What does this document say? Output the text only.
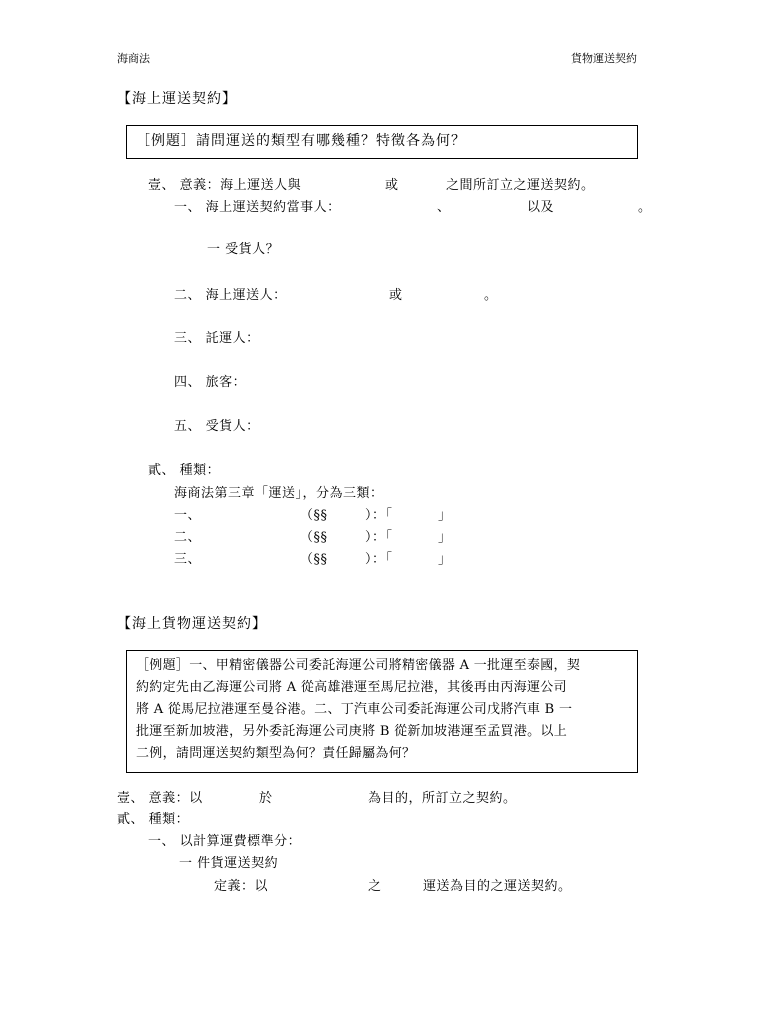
海商法	貨物運送契約
【海上運送契約】
［例題］請問運送的類型有哪幾種？特徵各為何？
壹、 意義：海上運送人與	或	之間所訂立之運送契約。
一、 海上運送契約當事人：	、	以及	。
一 受貨人？
二、 海上運送人：	或	。
三、 託運人：
四、 旅客：
五、 受貨人：
貳、 種類：
海商法第三章「運送」，分為三類：
一、	（§§	）：「	」
二、	（§§	）：「	」
三、	（§§	）：「	」
【海上貨物運送契約】
［例題］一、甲精密儀器公司委託海運公司將精密儀器 A 一批運至泰國，契
約約定先由乙海運公司將 A 從高雄港運至馬尼拉港，其後再由丙海運公司
將 A 從馬尼拉港運至曼谷港。二、丁汽車公司委託海運公司戊將汽車 B 一
批運至新加坡港，另外委託海運公司庚將 B 從新加坡港運至孟買港。以上
二例，請問運送契約類型為何？責任歸屬為何？
壹、 意義：以	於	為目的，所訂立之契約。
貳、 種類：
一、 以計算運費標準分：
一 件貨運送契約
定義：以	之	運送為目的之運送契約。
